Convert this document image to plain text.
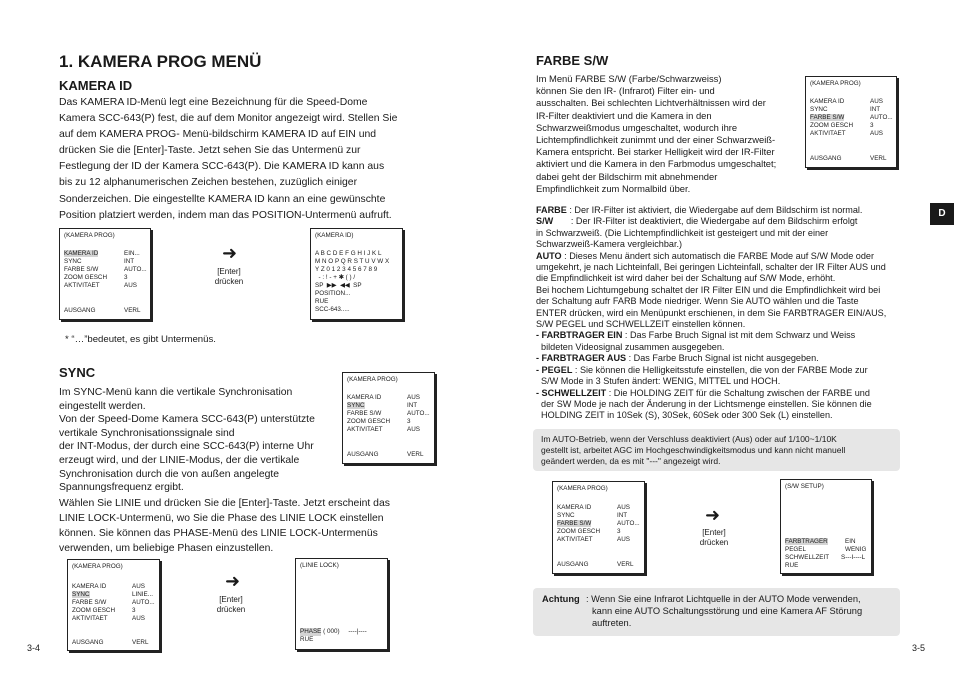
1. KAMERA PROG MENÜ
KAMERA ID
Das KAMERA ID-Menü legt eine Bezeichnung für die Speed-Dome
Kamera SCC-643(P) fest, die auf dem Monitor angezeigt wird. Stellen Sie
auf dem KAMERA PROG- Menü-bildschirm KAMERA ID auf EIN und
drücken Sie die [Enter]-Taste. Jetzt sehen Sie das Untermenü zur
Festlegung der ID der Kamera SCC-643(P). Die KAMERA ID kann aus
bis zu 12 alphanumerischen Zeichen bestehen, zuzüglich einiger
Sonderzeichen. Die eingestellte KAMERA ID kann an eine gewünschte
Position platziert werden, indem man das POSITION-Untermenü aufruft.
(KAMERA PROG)
KAMERA ID	EIN...
SYNC	INT
FARBE S/W	AUTO...
ZOOM GESCH	3
AKTIVITAET	AUS
AUSGANG	VERL
➜
[Enter]
drücken
(KAMERA ID)
A B C D E F G H I J K L
M N O P Q R S T U V W X
Y Z 0 1 2 3 4 5 6 7 8 9
- : ! - + ✱ ( ) /
SP  ▶▶  ◀◀  SP
POSITION...
RUE
SCC-643.....
* “…”bedeutet, es gibt Untermenüs.
SYNC
Im SYNC-Menü kann die vertikale Synchronisation
eingestellt werden.
Von der Speed-Dome Kamera SCC-643(P) unterstützte
vertikale Synchronisationssignale sind
der INT-Modus, der durch eine SCC-643(P) interne Uhr
erzeugt wird, und der LINIE-Modus, der die vertikale
Synchronisation durch die von außen angelegte
Spannungsfrequenz ergibt.
(KAMERA PROG)
KAMERA ID	AUS
SYNC	INT
FARBE S/W	AUTO...
ZOOM GESCH	3
AKTIVITAET	AUS
AUSGANG	VERL
Wählen Sie LINIE und drücken Sie die [Enter]-Taste. Jetzt erscheint das
LINIE LOCK-Untermenü, wo Sie die Phase des LINIE LOCK einstellen
können. Sie können das PHASE-Menü des LINIE LOCK-Untermenüs
verwenden, um beliebige Phasen einzustellen.
(KAMERA PROG)
KAMERA ID	AUS
SYNC	LINIE...
FARBE S/W	AUTO...
ZOOM GESCH	3
AKTIVITAET	AUS
AUSGANG	VERL
➜
[Enter]
drücken
(LINIE LOCK)
PHASE
( 000)
----|----
RUE
3-4
FARBE S/W
Im Menü FARBE S/W (Farbe/Schwarzweiss)
können Sie den IR- (Infrarot) Filter ein- und
ausschalten. Bei schlechten Lichtverhältnissen wird der
IR-Filter deaktiviert und die Kamera in den
Schwarzweißmodus umgeschaltet, wodurch ihre
Lichtempfindlichkeit zunimmt und der einer Schwarzweiß-
Kamera entspricht. Bei starker Helligkeit wird der IR-Filter
aktiviert und die Kamera in den Farbmodus umgeschaltet;
dabei geht der Bildschirm mit abnehmender
Empfindlichkeit zum Normalbild über.
(KAMERA PROG)
KAMERA ID	AUS
SYNC	INT
FARBE S/W	AUTO...
ZOOM GESCH	3
AKTIVITAET	AUS
AUSGANG	VERL
FARBE : Der IR-Filter ist aktiviert, die Wiedergabe auf dem Bildschirm ist normal.
S/W       : Der IR-Filter ist deaktiviert, die Wiedergabe auf dem Bildschirm erfolgt
in Schwarzweiß. (Die Lichtempfindlichkeit ist gesteigert und mit der einer
Schwarzweiß-Kamera vergleichbar.)
AUTO : Dieses Menu ändert sich automatisch die FARBE Mode auf S/W Mode oder
umgekehrt, je nach Lichteinfall, Bei geringen Lichteinfall, schalter der IR Filter AUS und
die Empfindlichkeit ist wird daher bei der Schaltung auf S/W Mode, erhöht.
Bei hochem Lichtumgebung schaltet der IR Filter EIN und die Empfindlichkeit wird bei
der Schaltung aufr FARB Mode niedriger. Wenn Sie AUTO wählen und die Taste
ENTER drücken, wird ein Menüpunkt erschienen, in dem Sie FARBTRAGER EIN/AUS,
S/W PEGEL und SCHWELLZEIT einstellen können.
- FARBTRAGER EIN : Das Farbe Bruch Signal ist mit dem Schwarz und Weiss
bildeten Videosignal zusammen ausgegeben.
- FARBTRAGER AUS : Das Farbe Bruch Signal ist nicht ausgegeben.
- PEGEL : Sie können die Helligkeitsstufe einstellen, die von der FARBE Mode zur
S/W Mode in 3 Stufen ändert: WENIG, MITTEL und HOCH.
- SCHWELLZEIT : Die HOLDING ZEIT für die Schaltung zwischen der FARBE und
der SW Mode je nach der Änderung in der Lichtsmenge einstellen. Sie können die
HOLDING ZEIT in 10Sek (S), 30Sek, 60Sek oder 300 Sek (L) einstellen.
Im AUTO-Betrieb, wenn der Verschluss deaktiviert (Aus) oder auf 1/100~1/10K
gestellt ist, arbeitet AGC im Hochgeschwindigkeitsmodus und kann nicht manuell
geändert werden, da es mit "---" angezeigt wird.
(KAMERA PROG)
KAMERA ID	AUS
SYNC	INT
FARBE S/W	AUTO...
ZOOM GESCH	3
AKTIVITAET	AUS
AUSGANG	VERL
➜
[Enter]
drücken
(S/W SETUP)
FARBTRAGER	EIN
PEGEL	WENIG
SCHWELLZEIT	S---I----L
RUE
Achtung : Wenn Sie eine Infrarot Lichtquelle in der AUTO Mode verwenden,
kann eine AUTO Schaltungsstörung und eine Kamera AF Störung
auftreten.
D
3-5
